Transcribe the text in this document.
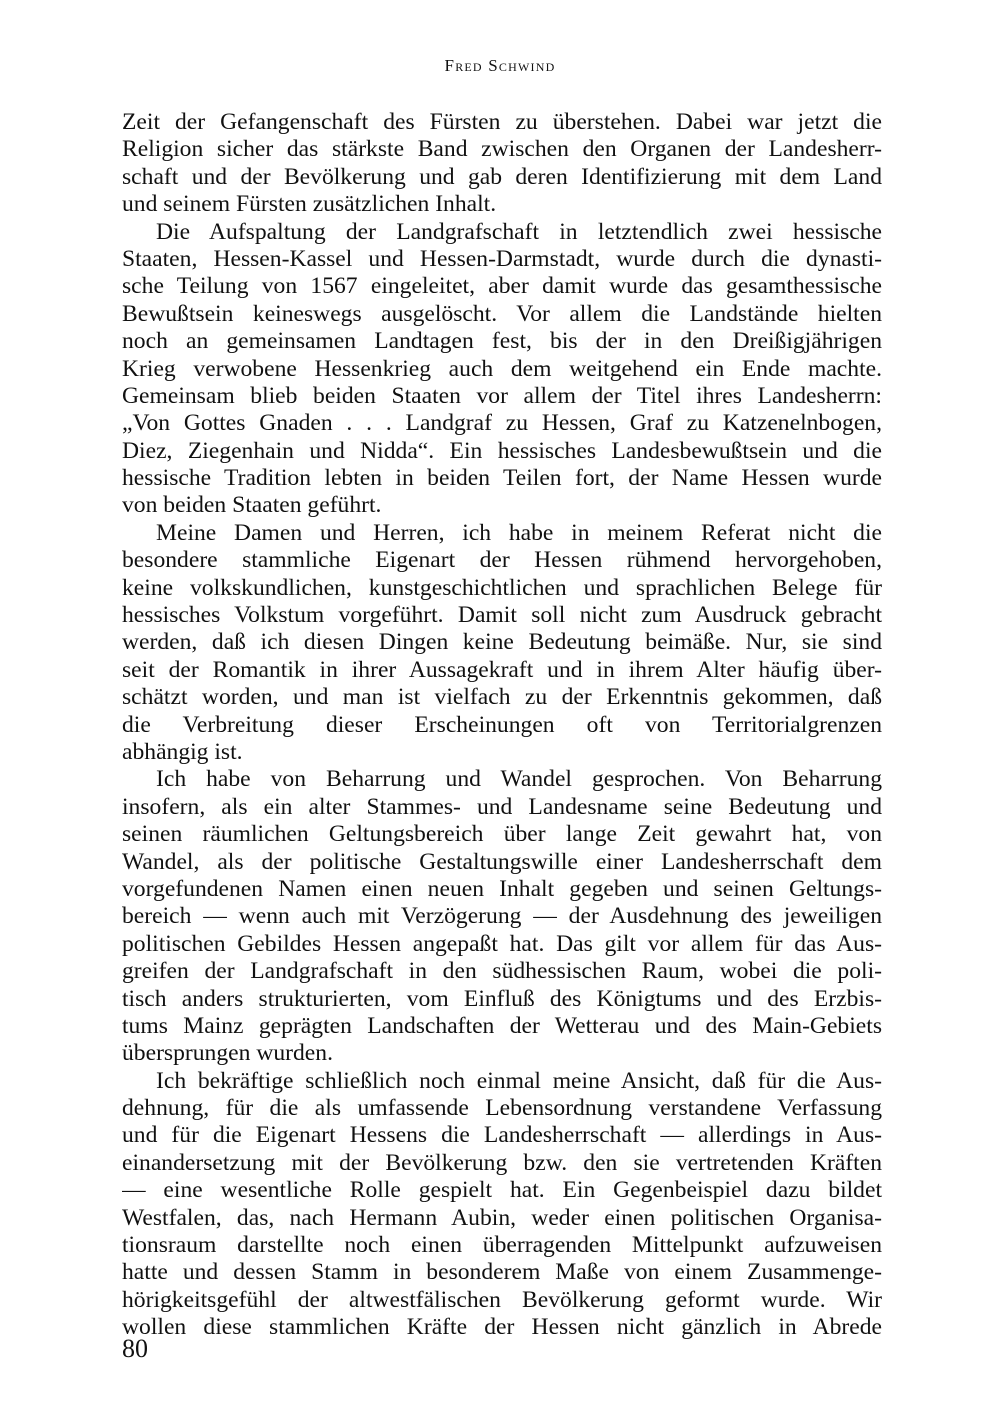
Fred Schwind
Zeit der Gefangenschaft des Fürsten zu überstehen. Dabei war jetzt die
Religion sicher das stärkste Band zwischen den Organen der Landesherr-
schaft und der Bevölkerung und gab deren Identifizierung mit dem Land
und seinem Fürsten zusätzlichen Inhalt.
Die Aufspaltung der Landgrafschaft in letztendlich zwei hessische
Staaten, Hessen-Kassel und Hessen-Darmstadt, wurde durch die dynasti-
sche Teilung von 1567 eingeleitet, aber damit wurde das gesamthessische
Bewußtsein keineswegs ausgelöscht. Vor allem die Landstände hielten
noch an gemeinsamen Landtagen fest, bis der in den Dreißigjährigen
Krieg verwobene Hessenkrieg auch dem weitgehend ein Ende machte.
Gemeinsam blieb beiden Staaten vor allem der Titel ihres Landesherrn:
„Von Gottes Gnaden . . . Landgraf zu Hessen, Graf zu Katzenelnbogen,
Diez, Ziegenhain und Nidda“. Ein hessisches Landesbewußtsein und die
hessische Tradition lebten in beiden Teilen fort, der Name Hessen wurde
von beiden Staaten geführt.
Meine Damen und Herren, ich habe in meinem Referat nicht die
besondere stammliche Eigenart der Hessen rühmend hervorgehoben,
keine volkskundlichen, kunstgeschichtlichen und sprachlichen Belege für
hessisches Volkstum vorgeführt. Damit soll nicht zum Ausdruck gebracht
werden, daß ich diesen Dingen keine Bedeutung beimäße. Nur, sie sind
seit der Romantik in ihrer Aussagekraft und in ihrem Alter häufig über-
schätzt worden, und man ist vielfach zu der Erkenntnis gekommen, daß
die Verbreitung dieser Erscheinungen oft von Territorialgrenzen
abhängig ist.
Ich habe von Beharrung und Wandel gesprochen. Von Beharrung
insofern, als ein alter Stammes- und Landesname seine Bedeutung und
seinen räumlichen Geltungsbereich über lange Zeit gewahrt hat, von
Wandel, als der politische Gestaltungswille einer Landesherrschaft dem
vorgefundenen Namen einen neuen Inhalt gegeben und seinen Geltungs-
bereich — wenn auch mit Verzögerung — der Ausdehnung des jeweiligen
politischen Gebildes Hessen angepaßt hat. Das gilt vor allem für das Aus-
greifen der Landgrafschaft in den südhessischen Raum, wobei die poli-
tisch anders strukturierten, vom Einfluß des Königtums und des Erzbis-
tums Mainz geprägten Landschaften der Wetterau und des Main-Gebiets
übersprungen wurden.
Ich bekräftige schließlich noch einmal meine Ansicht, daß für die Aus-
dehnung, für die als umfassende Lebensordnung verstandene Verfassung
und für die Eigenart Hessens die Landesherrschaft — allerdings in Aus-
einandersetzung mit der Bevölkerung bzw. den sie vertretenden Kräften
— eine wesentliche Rolle gespielt hat. Ein Gegenbeispiel dazu bildet
Westfalen, das, nach Hermann Aubin, weder einen politischen Organisa-
tionsraum darstellte noch einen überragenden Mittelpunkt aufzuweisen
hatte und dessen Stamm in besonderem Maße von einem Zusammenge-
hörigkeitsgefühl der altwestfälischen Bevölkerung geformt wurde. Wir
wollen diese stammlichen Kräfte der Hessen nicht gänzlich in Abrede
80
